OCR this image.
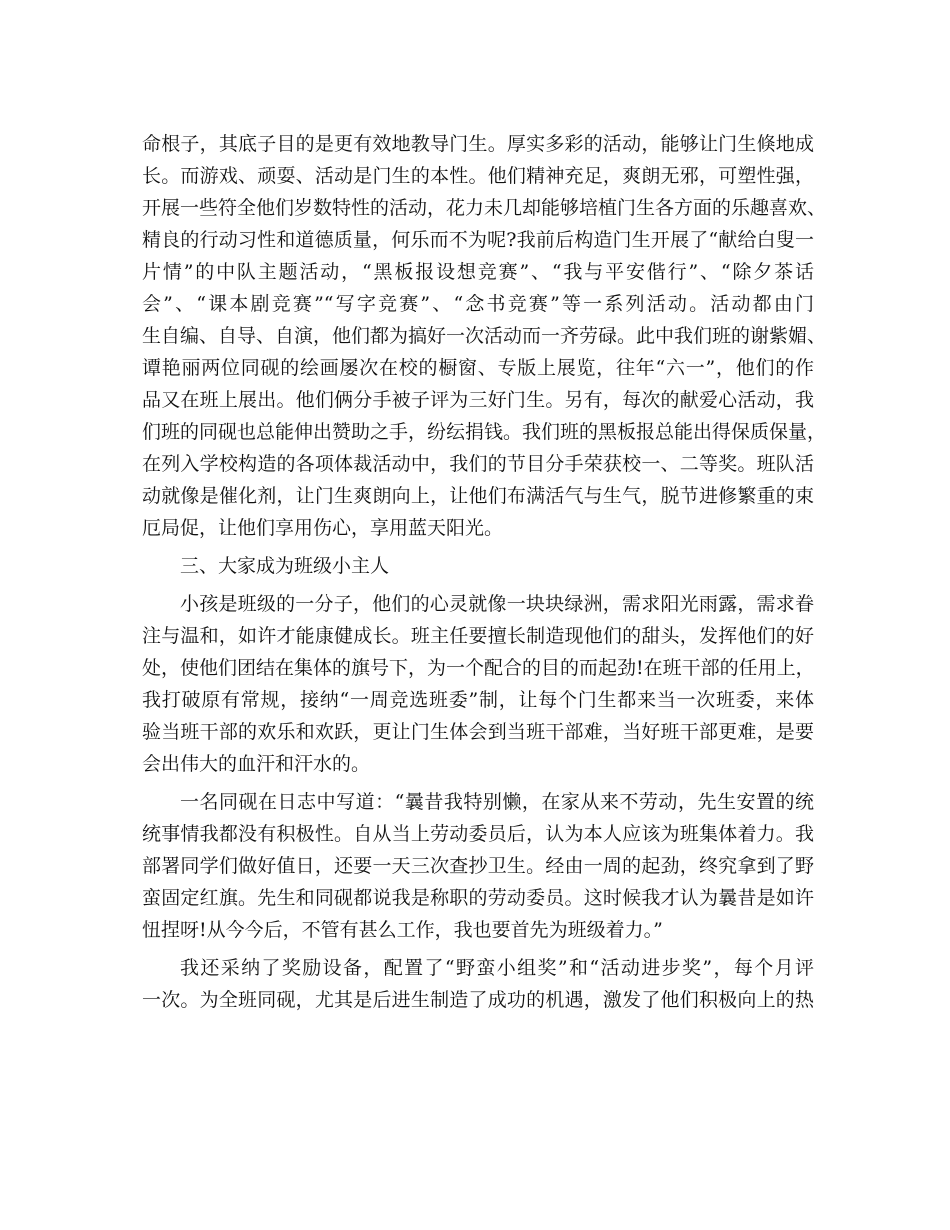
命根子，其底子目的是更有效地教导门生。厚实多彩的活动，能够让门生倏地成
长。而游戏、顽耍、活动是门生的本性。他们精神充足，爽朗无邪，可塑性强，
开展一些符全他们岁数特性的活动，花力未几却能够培植门生各方面的乐趣喜欢、
精良的行动习性和道德质量，何乐而不为呢?我前后构造门生开展了“献给白叟一
片情”的中队主题活动，“黑板报设想竞赛”、“我与平安偕行”、“除夕茶话
会”、“课本剧竞赛”“写字竞赛”、“念书竞赛”等一系列活动。活动都由门
生自编、自导、自演，他们都为搞好一次活动而一齐劳碌。此中我们班的谢紫媚、
谭艳丽两位同砚的绘画屡次在校的橱窗、专版上展览，往年“六一”，他们的作
品又在班上展出。他们俩分手被子评为三好门生。另有，每次的献爱心活动，我
们班的同砚也总能伸出赞助之手，纷纭捐钱。我们班的黑板报总能出得保质保量，
在列入学校构造的各项体裁活动中，我们的节目分手荣获校一、二等奖。班队活
动就像是催化剂，让门生爽朗向上，让他们布满活气与生气，脱节进修繁重的束
厄局促，让他们享用伤心，享用蓝天阳光。
三、大家成为班级小主人
小孩是班级的一分子，他们的心灵就像一块块绿洲，需求阳光雨露，需求眷
注与温和，如许才能康健成长。班主任要擅长制造现他们的甜头，发挥他们的好
处，使他们团结在集体的旗号下，为一个配合的目的而起劲!在班干部的任用上，
我打破原有常规，接纳“一周竞选班委”制，让每个门生都来当一次班委，来体
验当班干部的欢乐和欢跃，更让门生体会到当班干部难，当好班干部更难，是要
会出伟大的血汗和汗水的。
一名同砚在日志中写道：“曩昔我特别懒，在家从来不劳动，先生安置的统
统事情我都没有积极性。自从当上劳动委员后，认为本人应该为班集体着力。我
部署同学们做好值日，还要一天三次查抄卫生。经由一周的起劲，终究拿到了野
蛮固定红旗。先生和同砚都说我是称职的劳动委员。这时候我才认为曩昔是如许
忸捏呀!从今今后，不管有甚么工作，我也要首先为班级着力。”
我还采纳了奖励设备，配置了“野蛮小组奖”和“活动进步奖”，每个月评
一次。为全班同砚，尤其是后进生制造了成功的机遇，激发了他们积极向上的热
